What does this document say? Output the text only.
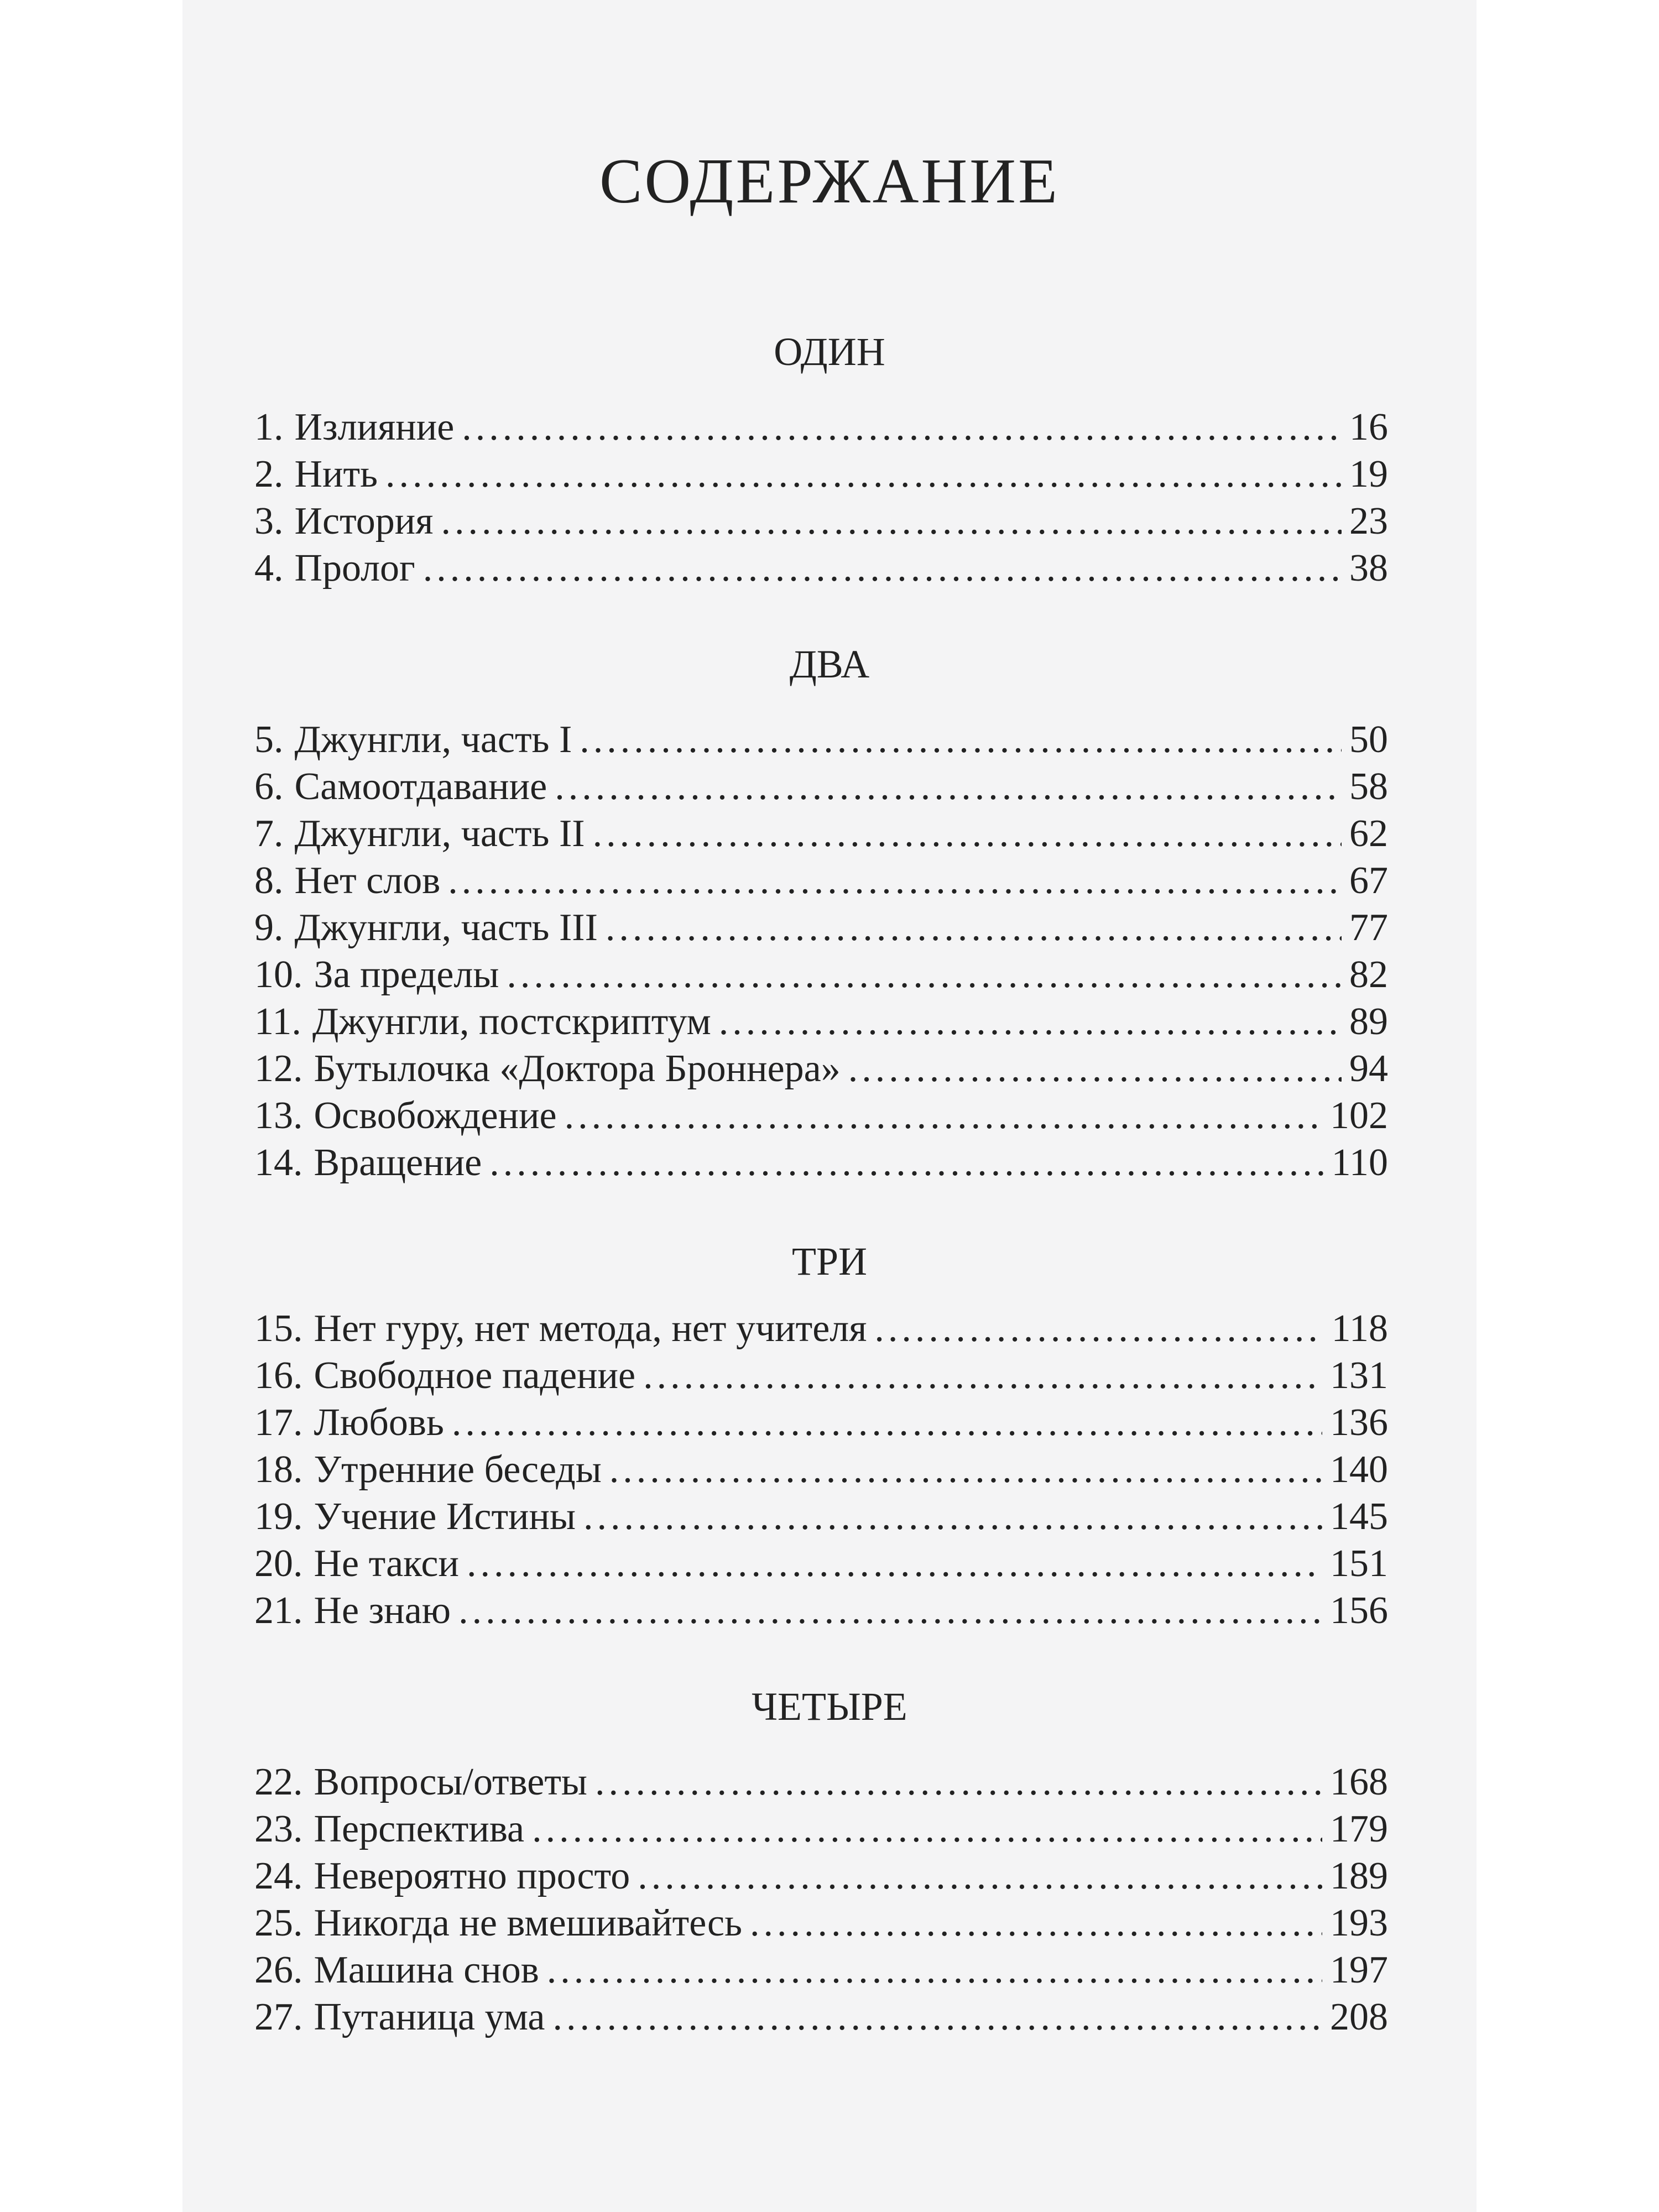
СОДЕРЖАНИЕ
ОДИН
1. Излияние .....	16
2. Нить .....	19
3. История .....	23
4. Пролог .....	38
ДВА
5. Джунгли, часть I .....	50
6. Самоотдавание .....	58
7. Джунгли, часть II .....	62
8. Нет слов .....	67
9. Джунгли, часть III .....	77
10. За пределы .....	82
11. Джунгли, постскриптум .....	89
12. Бутылочка «Доктора Броннера» .....	94
13. Освобождение .....	102
14. Вращение .....	110
ТРИ
15. Нет гуру, нет метода, нет учителя .....	118
16. Свободное падение .....	131
17. Любовь .....	136
18. Утренние беседы .....	140
19. Учение Истины .....	145
20. Не такси .....	151
21. Не знаю .....	156
ЧЕТЫРЕ
22. Вопросы/ответы .....	168
23. Перспектива .....	179
24. Невероятно просто .....	189
25. Никогда не вмешивайтесь .....	193
26. Машина снов .....	197
27. Путаница ума .....	208
